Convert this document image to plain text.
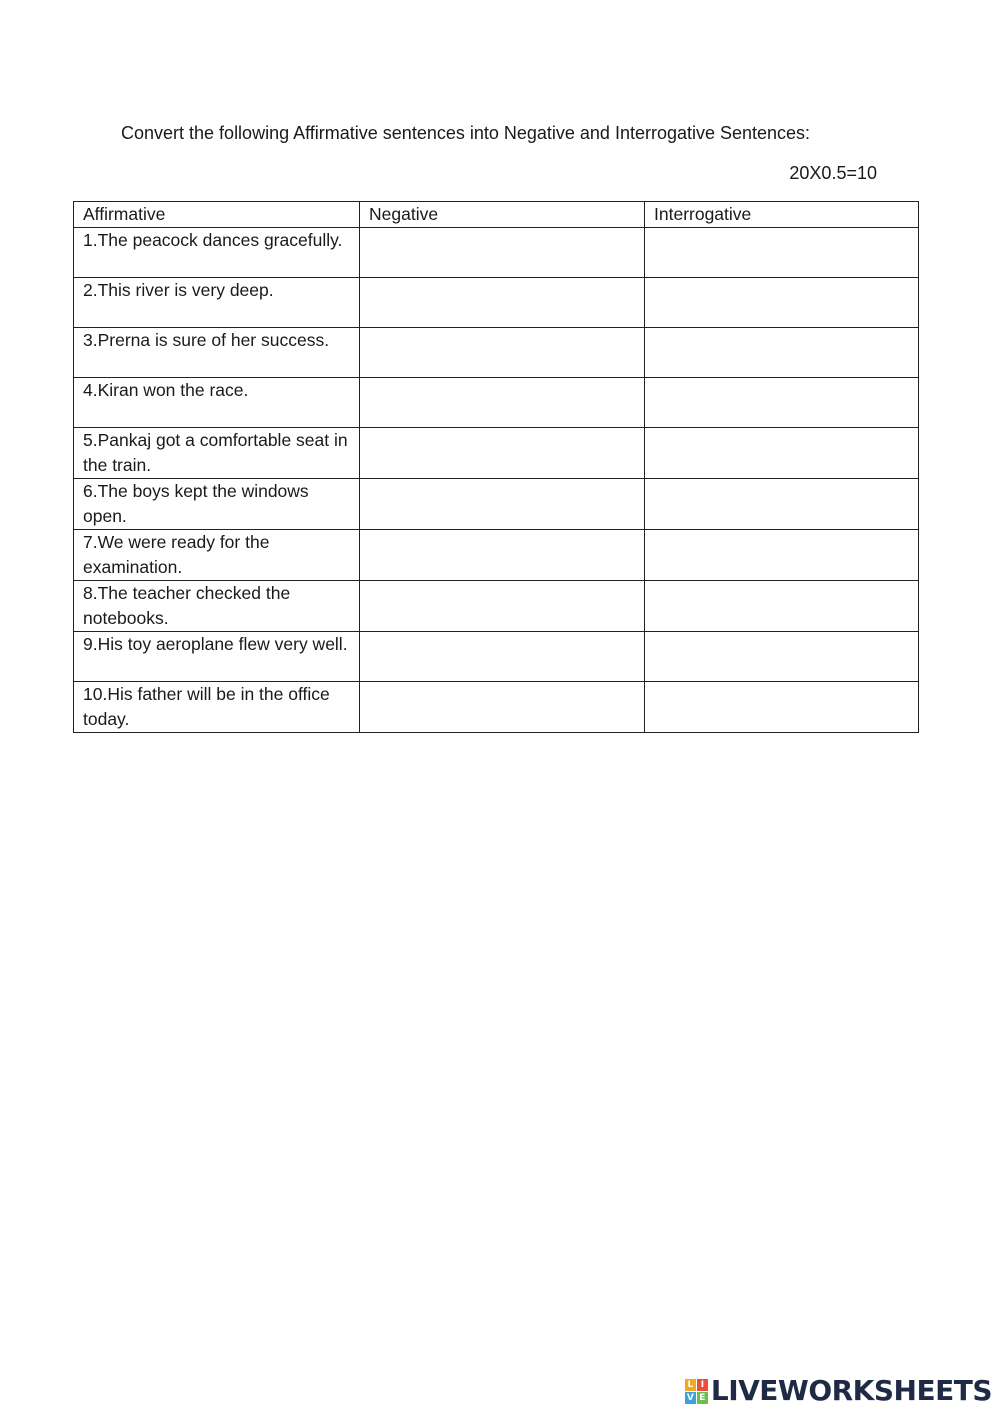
Convert the following Affirmative sentences into Negative and Interrogative Sentences:
20X0.5=10
Affirmative	Negative	Interrogative
1.The peacock dances gracefully.		
2.This river is very deep.		
3.Prerna is sure of her success.		
4.Kiran won the race.		
5.Pankaj got a comfortable seat in the train.		
6.The boys kept the windows open.		
7.We were ready for the examination.		
8.The teacher checked the notebooks.		
9.His toy aeroplane flew very well.		
10.His father will be in the office today.		
L I
V E LIVEWORKSHEETS
